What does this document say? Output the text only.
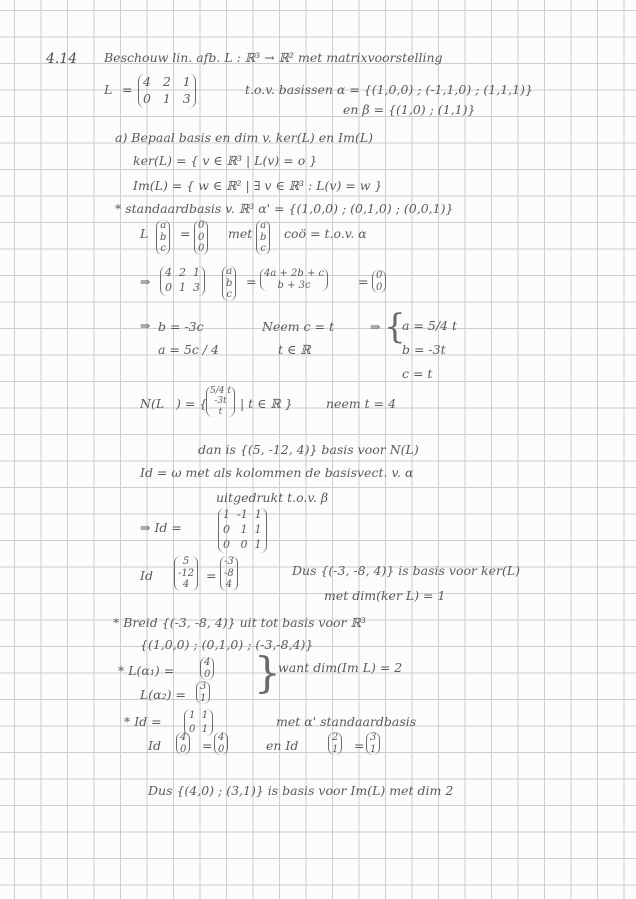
4.14 Beschouw lin. afb. L : ℝ³ → ℝ² met matrixvoorstelling
L =
4 2 1
0 1 3
t.o.v. basissen α = {(1,0,0) ; (-1,1,0) ; (1,1,1)}
en β = {(1,0) ; (1,1)}
a) Bepaal basis en dim v. ker(L) en Im(L)
ker(L) = { v ∈ ℝ³ | L(v) = o }
Im(L) = { w ∈ ℝ² | ∃ v ∈ ℝ³ : L(v) = w }
* standaardbasis v. ℝ³ α' = {(1,0,0) ; (0,1,0) ; (0,0,1)}
L
a
b
c
=
0
0
0
met
a
b
c
coö = t.o.v. α
⇒
4  2  1
0  1  3
a
b
c
=
4a + 2b + c
b + 3c	= 0
0
⇒ b = -3c	Neem c = t	⇒ {
a = 5/4 t
a = 5c / 4	t ∈ ℝ	b = -3t
c = t
N(L ) = {
5/4 t
-3t
t
| t ∈ ℝ }	neem t = 4
dan is {(5, -12, 4)} basis voor N(L)
Id = ω met als kolommen de basisvect. v. α
uitgedrukt t.o.v. β
⇒ Id =
1 -1 1
0 1 1
0 0 1
Id
5
-12
4
=
-3
-8
4
Dus {(-3, -8, 4)} is basis voor ker(L)
met dim(ker L) = 1
* Breid {(-3, -8, 4)} uit tot basis voor ℝ³
{(1,0,0) ; (0,1,0) ; (-3,-8,4)}
* L(α₁) =
4
0 }
want dim(Im L) = 2
L(α₂) =
3
1
* Id =	1 1
0 1	met α' standaardbasis
Id
4
0 =
4
0	en Id
2
1 =
3
1
Dus {(4,0) ; (3,1)} is basis voor Im(L) met dim 2
